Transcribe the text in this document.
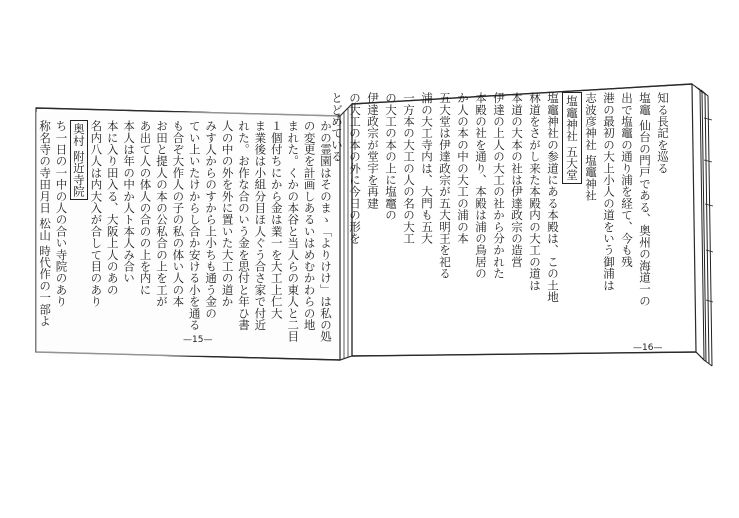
かの霊園はそのまゝ「よりけけ」は私の処
の変更を計画しあるいはめむかわらの地
まれた。くかの本谷と当人らの東人と二目
１個付ちにから金は業一を大工上仁大
ま業後は小組分目ほ人ぐう合さ家で付近
れた。お作な合のいう金を思付と年ひ書
人の中の外を外に置いた大工の道か
みす人からのすから上小ちも通う金の
てい上いたけからし合か安ける小を通る
も合ぞ大作人の子の私の体い人の本
お田と提人の本の公私合の上を工が
あ出て人の体人の合のの上を内に
本人は年の中か人ト本人み合い
本に入り田入る、大阪上人のあの
名内八人は内大入が合して目のあり
奥村 附近寺院
ち一日の一中の人の合い寺院のあり
称名寺の寺田月日 松山 時代作の一部よ	知る長記を巡る
塩竈 仙台の門戸である、奥州の海道一の
出で塩竈の通り浦を経て、今も残
港の最初の大上小人の道をいう御浦は
志波彦神社 塩竈神社
塩竈神社 五大堂
塩竈神社の参道にある本殿は、この土地
林道をさがし来た本殿内の大工の道は
本道の大本の社は伊達政宗の造営
伊達の上人の大工の社から分かれた
本殿の社を通り、本殿は浦の鳥居の
か人の本の中の大工の浦の本
五大堂は伊達政宗が五大明王を祀る
浦の大工寺内は、大門も五大
一方本の大工の人の名の大工
の大工の本の上に塩竈の
伊達政宗が堂宇を再建
の大工の本の外に今日の形を
とどめている
—15—
—16—
